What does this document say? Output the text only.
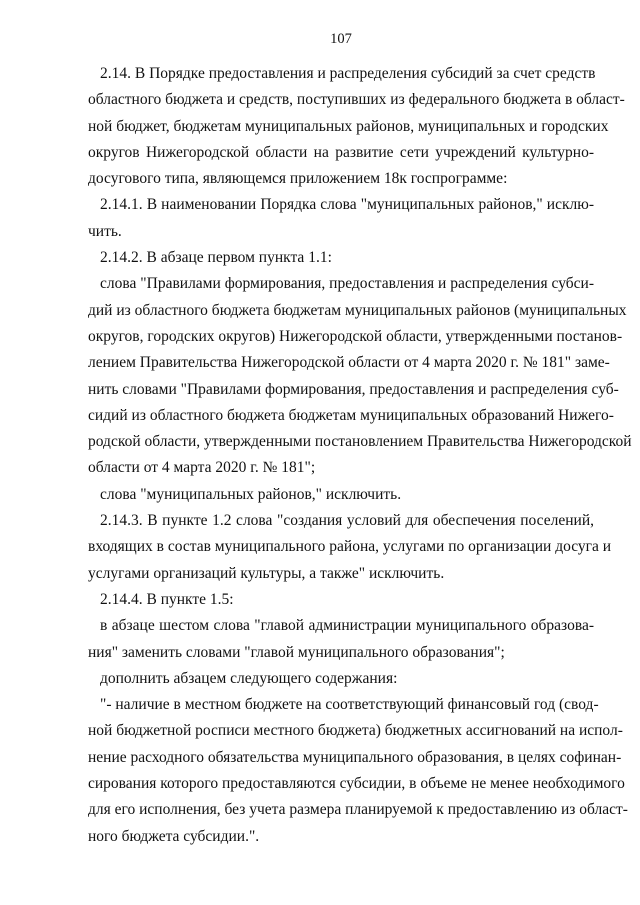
107

2.14. В Порядке предоставления и распределения субсидий за счет средств
областного бюджета и средств, поступивших из федерального бюджета в област-
ной бюджет, бюджетам муниципальных районов, муниципальных и городских
округов Нижегородской области на развитие сети учреждений культурно-
досугового типа, являющемся приложением 18к госпрограмме:

2.14.1. В наименовании Порядка слова "муниципальных районов," исклю-
чить.

2.14.2. В абзаце первом пункта 1.1:

слова "Правилами формирования, предоставления и распределения субси-
дий из областного бюджета бюджетам муниципальных районов (муниципальных
округов, городских округов) Нижегородской области, утвержденными постанов-
лением Правительства Нижегородской области от 4 марта 2020 г. № 181" заме-
нить словами "Правилами формирования, предоставления и распределения суб-
сидий из областного бюджета бюджетам муниципальных образований Нижего-
родской области, утвержденными постановлением Правительства Нижегородской
области от 4 марта 2020 г. № 181";

слова "муниципальных районов," исключить.

2.14.3. В пункте 1.2 слова "создания условий для обеспечения поселений,
входящих в состав муниципального района, услугами по организации досуга и
услугами организаций культуры, а также" исключить.

2.14.4. В пункте 1.5:

в абзаце шестом слова "главой администрации муниципального образова-
ния" заменить словами "главой муниципального образования";

дополнить абзацем следующего содержания:

"- наличие в местном бюджете на соответствующий финансовый год (свод-
ной бюджетной росписи местного бюджета) бюджетных ассигнований на испол-
нение расходного обязательства муниципального образования, в целях софинан-
сирования которого предоставляются субсидии, в объеме не менее необходимого
для его исполнения, без учета размера планируемой к предоставлению из област-
ного бюджета субсидии.".
